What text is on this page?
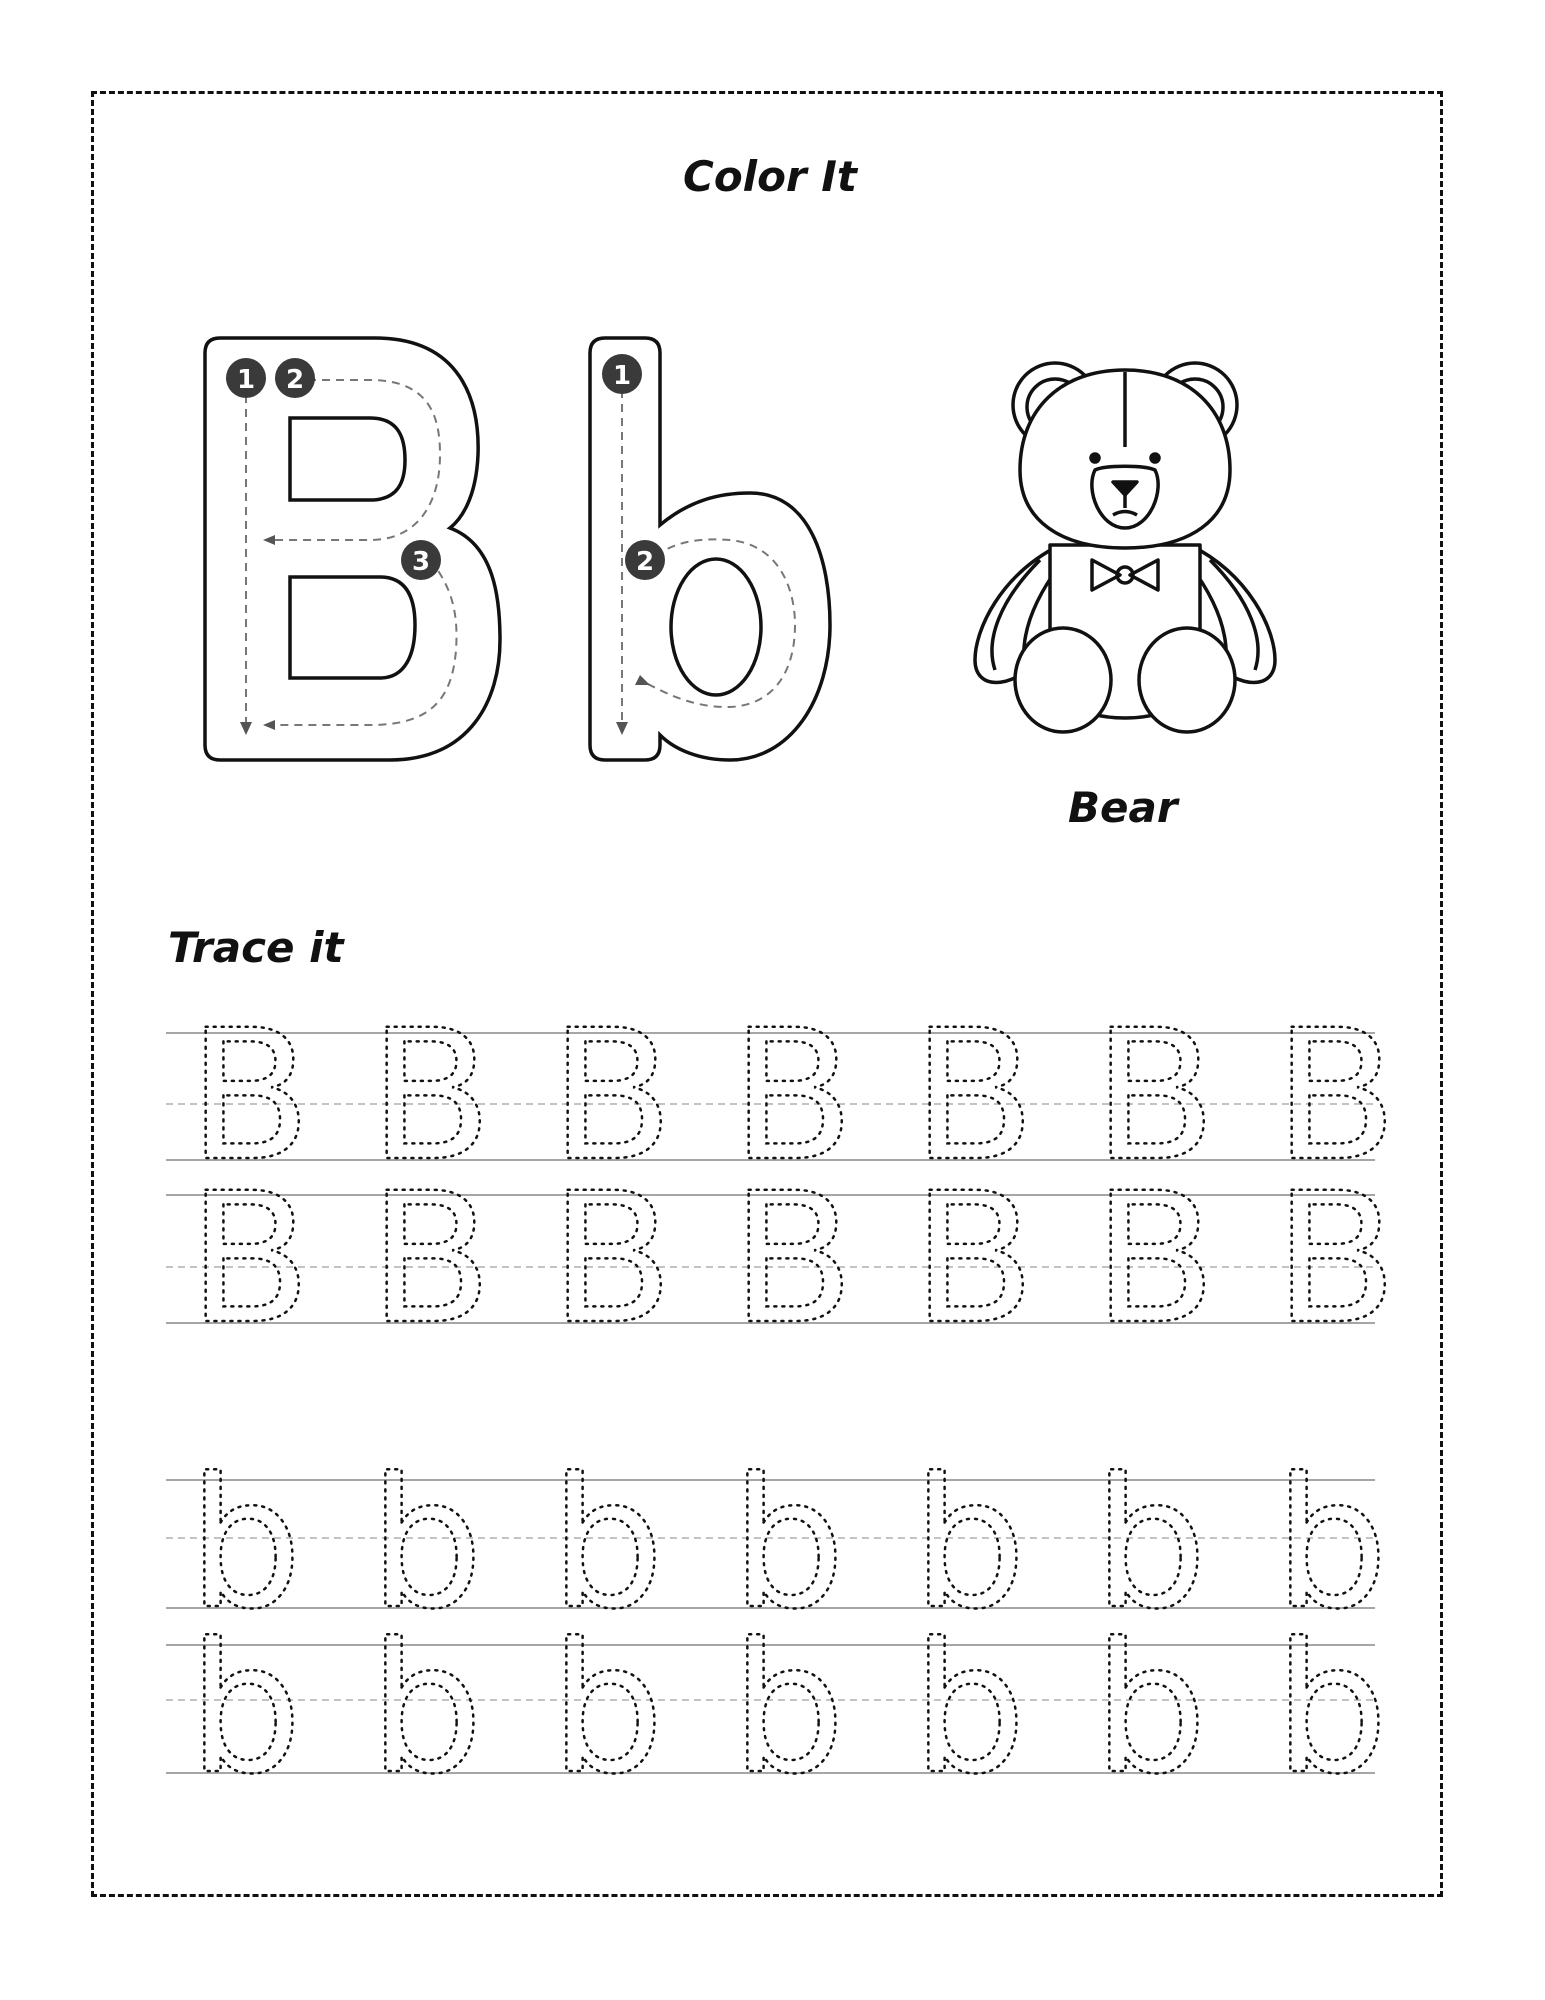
Color It
Bear
Trace it
1 2
3
1
2
B B B B B B B
B B B B B B B
b b b b b b b
b b b b b b b
